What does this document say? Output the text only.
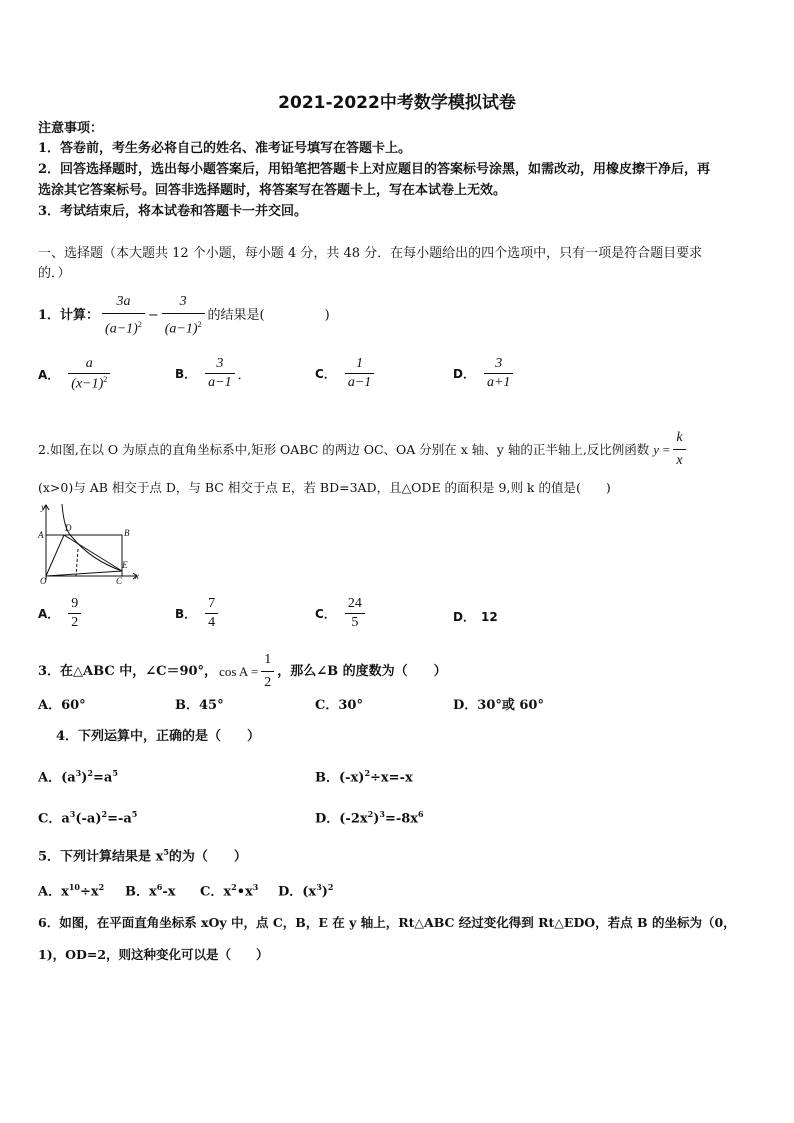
2021-2022中考数学模拟试卷
注意事项：
1．答卷前，考生务必将自己的姓名、准考证号填写在答题卡上。
2．回答选择题时，选出每小题答案后，用铅笔把答题卡上对应题目的答案标号涂黑，如需改动，用橡皮擦干净后，再
选涂其它答案标号。回答非选择题时，将答案写在答题卡上，写在本试卷上无效。
3．考试结束后，将本试卷和答题卡一并交回。
一、选择题（本大题共 12 个小题，每小题 4 分，共 48 分．在每小题给出的四个选项中，只有一项是符合题目要求
的．）
1．计算： $\frac{3a}{(a-1)^2} - \frac{3}{(a-1)^2}$ 的结果是(	)
A． $\frac{a}{(x-1)^2}$	B． $\frac{3}{a-1}$ ．	C． $\frac{1}{a-1}$	D． $\frac{3}{a+1}$
2.如图,在以 O 为原点的直角坐标系中,矩形 OABC 的两边 OC、OA 分别在 x 轴、y 轴的正半轴上,反比例函数 $y = \frac{k}{x}$
(x>0)与 AB 相交于点 D，与 BC 相交于点 E，若 BD=3AD，且△ODE 的面积是 9,则 k 的值是(　　)
y
A
D	B
E
O	C x
A． $\frac{9}{2}$	B． $\frac{7}{4}$	C． $\frac{24}{5}$	D． 12
3．在△ABC 中，∠C＝90°， $\cos A = \frac{1}{2}$ ，那么∠B 的度数为（　　）
A．60°	B．45°	C．30°	D．30°或 60°
4．下列运算中，正确的是（　　）
A．$(a^3)^2=a^5$	B．$(-x)^2\div x=-x$
C．$a^3(-a)^2=-a^5$	D．$(-2x^2)^3=-8x^6$
5．下列计算结果是 $x^5$的为（　　）
A．$x^{10}\div x^2$ B．$x^6-x$ C．$x^2•x^3$ D．$(x^3)^2$
6．如图，在平面直角坐标系 xOy 中，点 C，B，E 在 y 轴上，Rt△ABC 经过变化得到 Rt△EDO，若点 B 的坐标为（0，
1)，OD=2，则这种变化可以是（　　）
